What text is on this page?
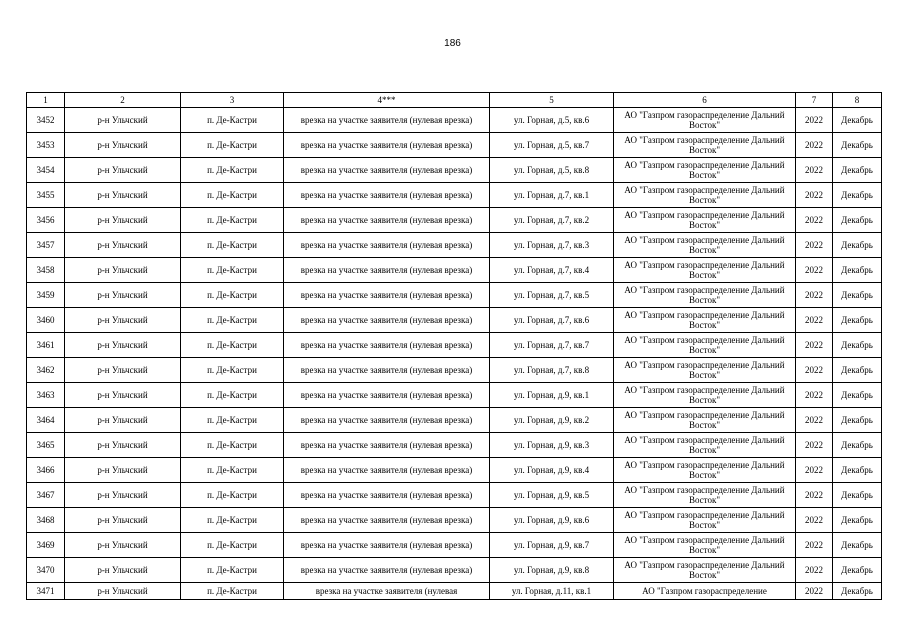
186
1	2	3	4***	5	6	7	8
3452	р-н Ульчский	п. Де-Кастри	врезка на участке заявителя (нулевая врезка)	ул. Горная, д.5, кв.6	АО "Газпром газораспределение Дальний Восток"	2022	Декабрь
3453	р-н Ульчский	п. Де-Кастри	врезка на участке заявителя (нулевая врезка)	ул. Горная, д.5, кв.7	АО "Газпром газораспределение Дальний Восток"	2022	Декабрь
3454	р-н Ульчский	п. Де-Кастри	врезка на участке заявителя (нулевая врезка)	ул. Горная, д.5, кв.8	АО "Газпром газораспределение Дальний Восток"	2022	Декабрь
3455	р-н Ульчский	п. Де-Кастри	врезка на участке заявителя (нулевая врезка)	ул. Горная, д.7, кв.1	АО "Газпром газораспределение Дальний Восток"	2022	Декабрь
3456	р-н Ульчский	п. Де-Кастри	врезка на участке заявителя (нулевая врезка)	ул. Горная, д.7, кв.2	АО "Газпром газораспределение Дальний Восток"	2022	Декабрь
3457	р-н Ульчский	п. Де-Кастри	врезка на участке заявителя (нулевая врезка)	ул. Горная, д.7, кв.3	АО "Газпром газораспределение Дальний Восток"	2022	Декабрь
3458	р-н Ульчский	п. Де-Кастри	врезка на участке заявителя (нулевая врезка)	ул. Горная, д.7, кв.4	АО "Газпром газораспределение Дальний Восток"	2022	Декабрь
3459	р-н Ульчский	п. Де-Кастри	врезка на участке заявителя (нулевая врезка)	ул. Горная, д.7, кв.5	АО "Газпром газораспределение Дальний Восток"	2022	Декабрь
3460	р-н Ульчский	п. Де-Кастри	врезка на участке заявителя (нулевая врезка)	ул. Горная, д.7, кв.6	АО "Газпром газораспределение Дальний Восток"	2022	Декабрь
3461	р-н Ульчский	п. Де-Кастри	врезка на участке заявителя (нулевая врезка)	ул. Горная, д.7, кв.7	АО "Газпром газораспределение Дальний Восток"	2022	Декабрь
3462	р-н Ульчский	п. Де-Кастри	врезка на участке заявителя (нулевая врезка)	ул. Горная, д.7, кв.8	АО "Газпром газораспределение Дальний Восток"	2022	Декабрь
3463	р-н Ульчский	п. Де-Кастри	врезка на участке заявителя (нулевая врезка)	ул. Горная, д.9, кв.1	АО "Газпром газораспределение Дальний Восток"	2022	Декабрь
3464	р-н Ульчский	п. Де-Кастри	врезка на участке заявителя (нулевая врезка)	ул. Горная, д.9, кв.2	АО "Газпром газораспределение Дальний Восток"	2022	Декабрь
3465	р-н Ульчский	п. Де-Кастри	врезка на участке заявителя (нулевая врезка)	ул. Горная, д.9, кв.3	АО "Газпром газораспределение Дальний Восток"	2022	Декабрь
3466	р-н Ульчский	п. Де-Кастри	врезка на участке заявителя (нулевая врезка)	ул. Горная, д.9, кв.4	АО "Газпром газораспределение Дальний Восток"	2022	Декабрь
3467	р-н Ульчский	п. Де-Кастри	врезка на участке заявителя (нулевая врезка)	ул. Горная, д.9, кв.5	АО "Газпром газораспределение Дальний Восток"	2022	Декабрь
3468	р-н Ульчский	п. Де-Кастри	врезка на участке заявителя (нулевая врезка)	ул. Горная, д.9, кв.6	АО "Газпром газораспределение Дальний Восток"	2022	Декабрь
3469	р-н Ульчский	п. Де-Кастри	врезка на участке заявителя (нулевая врезка)	ул. Горная, д.9, кв.7	АО "Газпром газораспределение Дальний Восток"	2022	Декабрь
3470	р-н Ульчский	п. Де-Кастри	врезка на участке заявителя (нулевая врезка)	ул. Горная, д.9, кв.8	АО "Газпром газораспределение Дальний Восток"	2022	Декабрь
3471	р-н Ульчский	п. Де-Кастри	врезка на участке заявителя (нулевая	ул. Горная, д.11, кв.1	АО "Газпром газораспределение	2022	Декабрь
